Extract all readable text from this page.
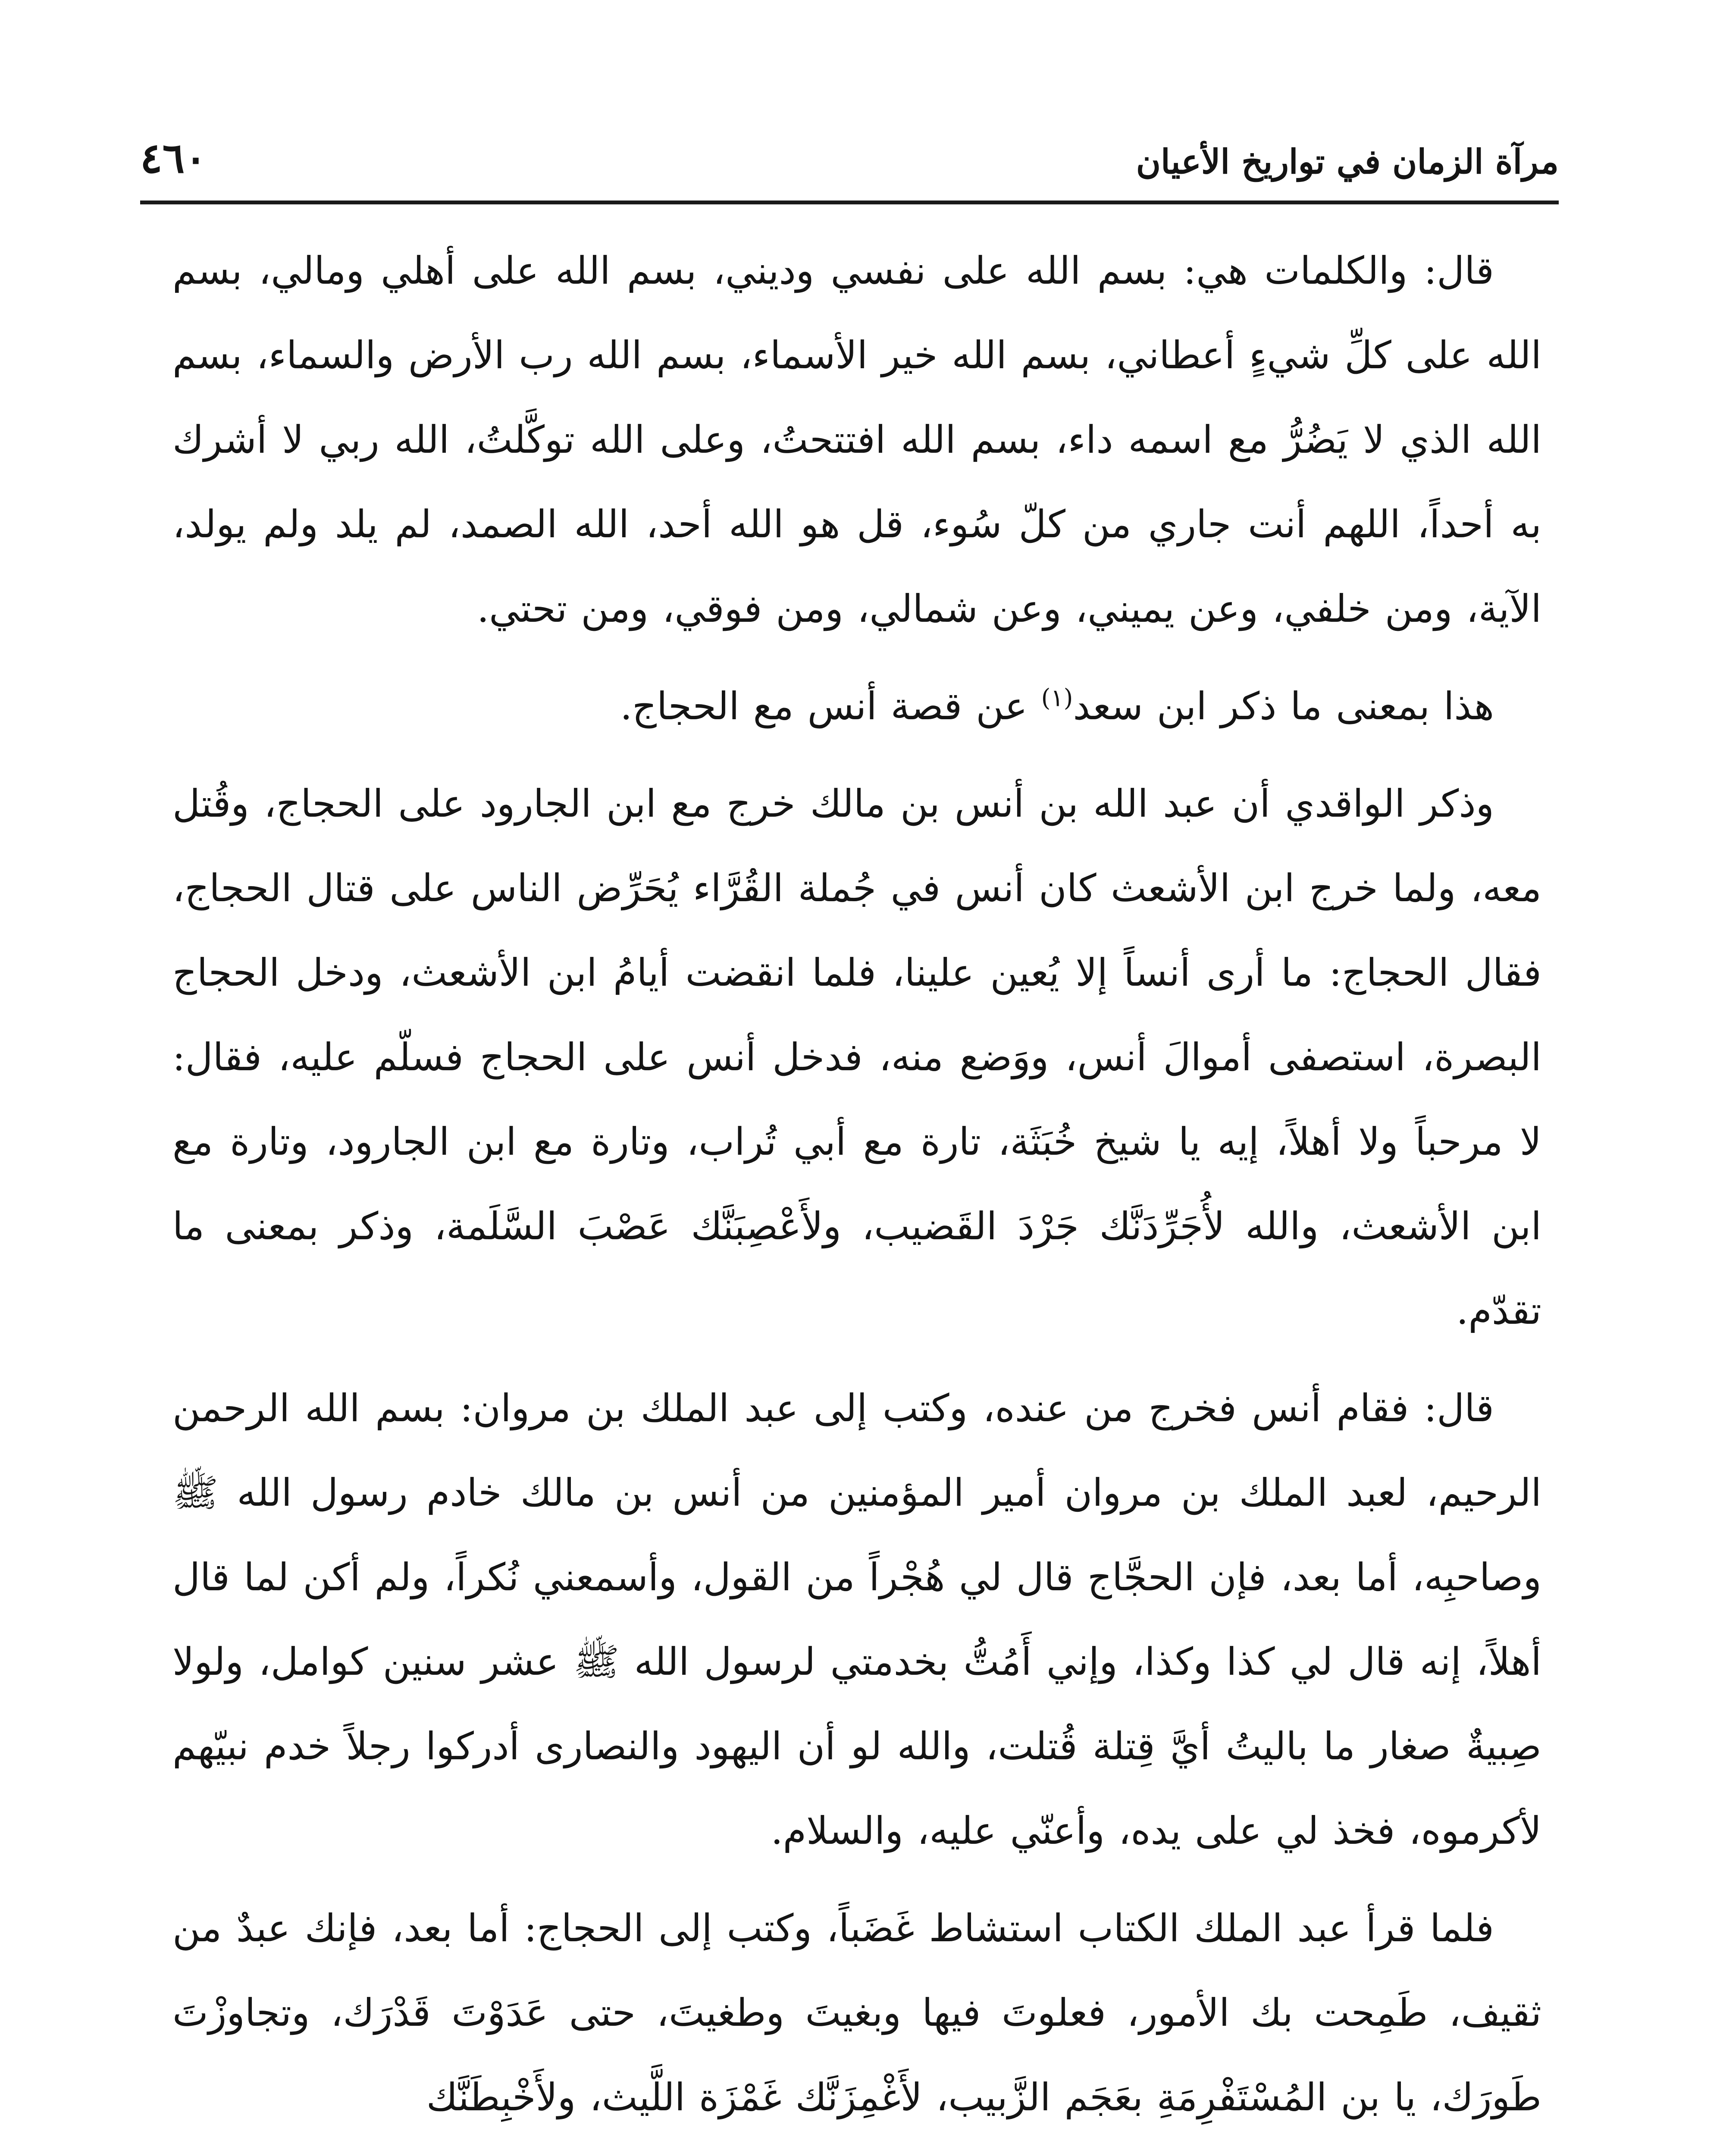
٤٦٠	مرآة الزمان في تواريخ الأعيان

قال: والكلمات هي: بسم الله على نفسي وديني، بسم الله على أهلي ومالي، بسم الله على كلِّ شيءٍ أعطاني، بسم الله خير الأسماء، بسم الله رب الأرض والسماء، بسم الله الذي لا يَضُرُّ مع اسمه داء، بسم الله افتتحتُ، وعلى الله توكَّلتُ، الله ربي لا أشرك به أحداً، اللهم أنت جاري من كلّ سُوء، قل هو الله أحد، الله الصمد، لم يلد ولم يولد، الآية، ومن خلفي، وعن يميني، وعن شمالي، ومن فوقي، ومن تحتي.

هذا بمعنى ما ذكر ابن سعد$^{(١)}$ عن قصة أنس مع الحجاج.

وذكر الواقدي أن عبد الله بن أنس بن مالك خرج مع ابن الجارود على الحجاج، وقُتل معه، ولما خرج ابن الأشعث كان أنس في جُملة القُرَّاء يُحَرِّض الناس على قتال الحجاج، فقال الحجاج: ما أرى أنساً إلا يُعين علينا، فلما انقضت أيامُ ابن الأشعث، ودخل الحجاج البصرة، استصفى أموالَ أنس، ووَضع منه، فدخل أنس على الحجاج فسلّم عليه، فقال: لا مرحباً ولا أهلاً، إيه يا شيخ خُبَثَة، تارة مع أبي تُراب، وتارة مع ابن الجارود، وتارة مع ابن الأشعث، والله لأُجَرِّدَنَّك جَرْدَ القَضيب، ولأَعْصِبَنَّك عَصْبَ السَّلَمة، وذكر بمعنى ما تقدّم.

قال: فقام أنس فخرج من عنده، وكتب إلى عبد الملك بن مروان: بسم الله الرحمن الرحيم، لعبد الملك بن مروان أمير المؤمنين من أنس بن مالك خادم رسول الله ﷺ وصاحبِه، أما بعد، فإن الحجَّاج قال لي هُجْراً من القول، وأسمعني نُكراً، ولم أكن لما قال أهلاً، إنه قال لي كذا وكذا، وإني أَمُتُّ بخدمتي لرسول الله ﷺ عشر سنين كوامل، ولولا صِبيةٌ صغار ما باليتُ أيَّ قِتلة قُتلت، والله لو أن اليهود والنصارى أدركوا رجلاً خدم نبيّهم لأكرموه، فخذ لي على يده، وأعنّي عليه، والسلام.

فلما قرأ عبد الملك الكتاب استشاط غَضَباً، وكتب إلى الحجاج: أما بعد، فإنك عبدٌ من ثقيف، طَمِحت بك الأمور، فعلوتَ فيها وبغيتَ وطغيتَ، حتى عَدَوْتَ قَدْرَك، وتجاوزْتَ طَورَك، يا بن المُسْتَفْرِمَةِ بعَجَم الزَّبيب، لأَغْمِزَنَّك غَمْزَة اللَّيث، ولأَخْبِطَنَّك
